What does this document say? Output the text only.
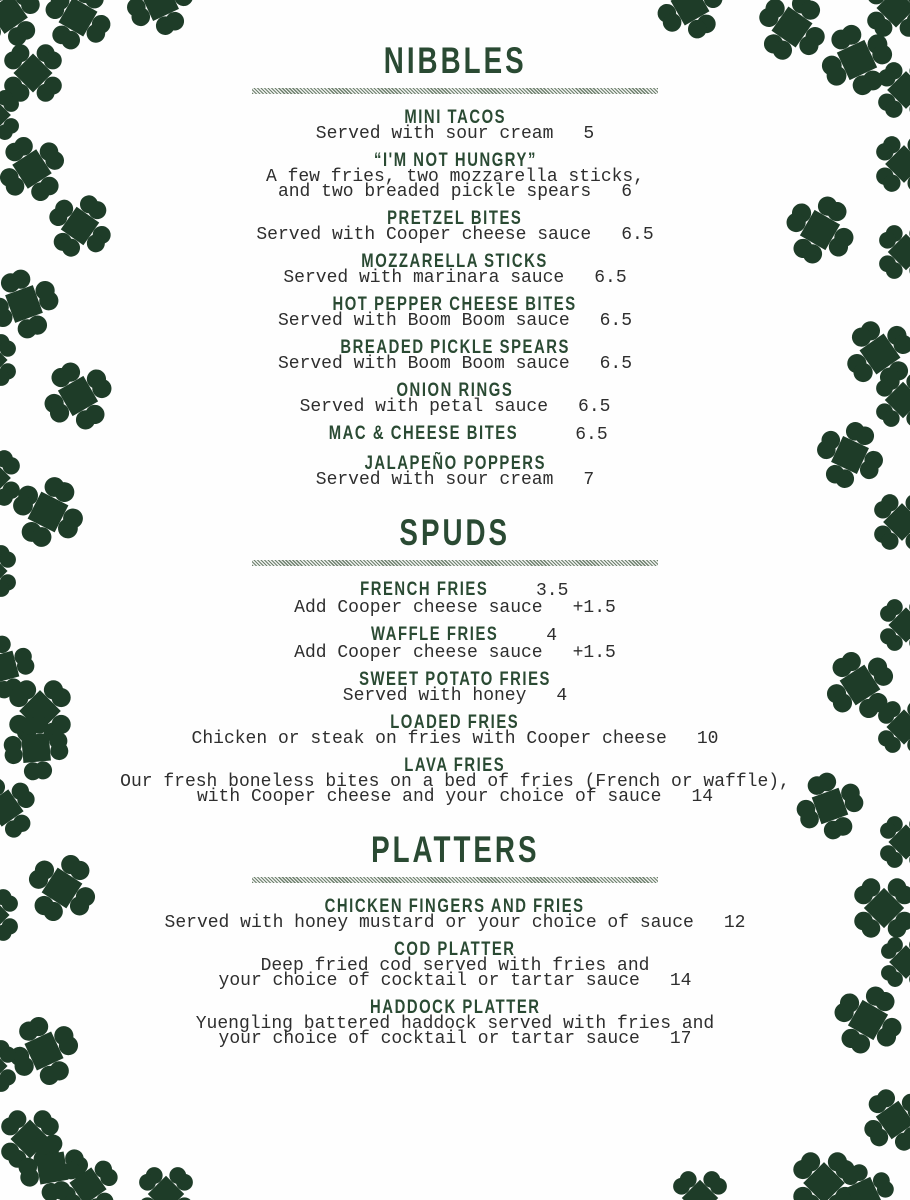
NIBBLES
MINI TACOS
Served with sour cream 5
“I'M NOT HUNGRY”
A few fries, two mozzarella sticks,
and two breaded pickle spears 6
PRETZEL BITES
Served with Cooper cheese sauce 6.5
MOZZARELLA STICKS
Served with marinara sauce 6.5
HOT PEPPER CHEESE BITES
Served with Boom Boom sauce 6.5
BREADED PICKLE SPEARS
Served with Boom Boom sauce 6.5
ONION RINGS
Served with petal sauce 6.5
MAC & CHEESE BITES	6.5
JALAPEÑO POPPERS
Served with sour cream 7
SPUDS
FRENCH FRIES	3.5
Add Cooper cheese sauce +1.5
WAFFLE FRIES	4
Add Cooper cheese sauce +1.5
SWEET POTATO FRIES
Served with honey 4
LOADED FRIES
Chicken or steak on fries with Cooper cheese 10
LAVA FRIES
Our fresh boneless bites on a bed of fries (French or waffle),
with Cooper cheese and your choice of sauce 14
PLATTERS
CHICKEN FINGERS AND FRIES
Served with honey mustard or your choice of sauce 12
COD PLATTER
Deep fried cod served with fries and
your choice of cocktail or tartar sauce 14
HADDOCK PLATTER
Yuengling battered haddock served with fries and
your choice of cocktail or tartar sauce 17
